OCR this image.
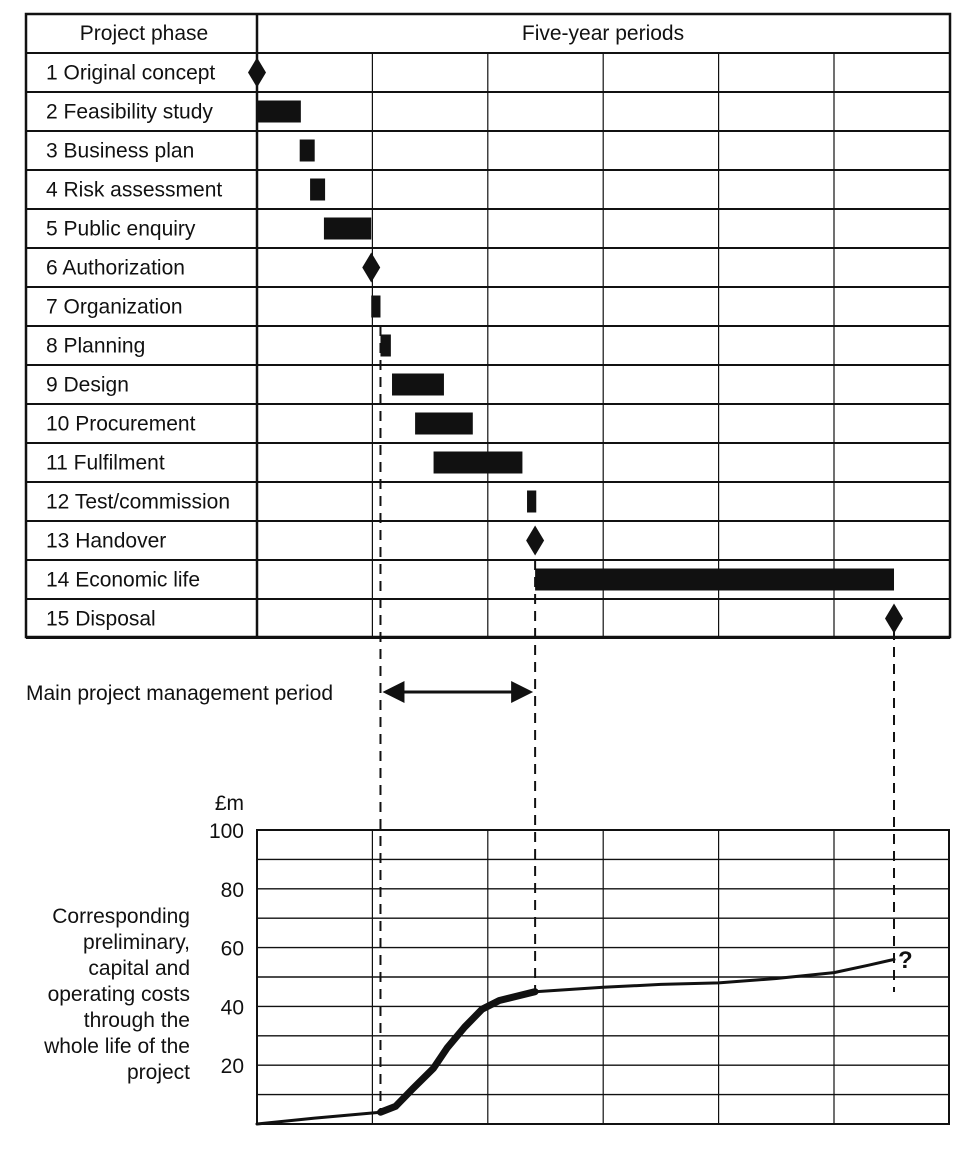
Project phase	Five-year periods
1 Original concept
2 Feasibility study
3 Business plan
4 Risk assessment
5 Public enquiry
6 Authorization
7 Organization
8 Planning
9 Design
10 Procurement
11 Fulfilment
12 Test/commission
13 Handover
14 Economic life
15 Disposal
Main project management period
£m
20
40
60
80
100
Corresponding preliminary, capital and operating costs through the whole life of the project
?
